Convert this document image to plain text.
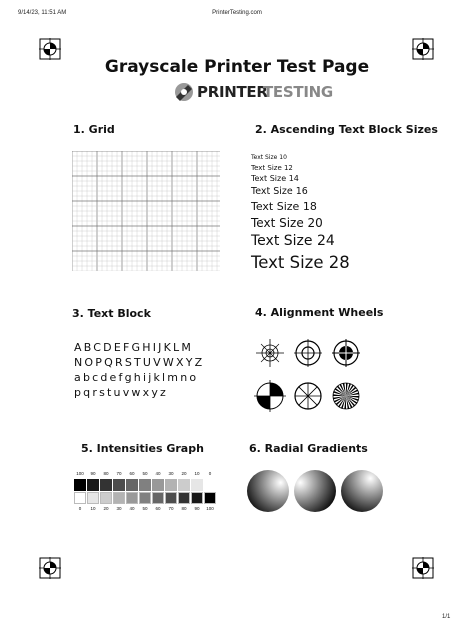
9/14/23, 11:51 AM	PrinterTesting.com
Grayscale Printer Test Page
PRINTER
TESTING
1. Grid	2. Ascending Text Block Sizes
3. Text Block	4. Alignment Wheels
5. Intensities Graph	6. Radial Gradients
Text Size 10
Text Size 12
Text Size 14
Text Size 16
Text Size 18
Text Size 20
Text Size 24
Text Size 28
ABCDEFGHIJKLM
NOPQRSTUVWXYZ
abcdefghijklmno
pqrstuvwxyz
100	90	80	70	60	50	40	30	20	10	0
0	10	20	30	40	50	60	70	80	90	100
1/1
